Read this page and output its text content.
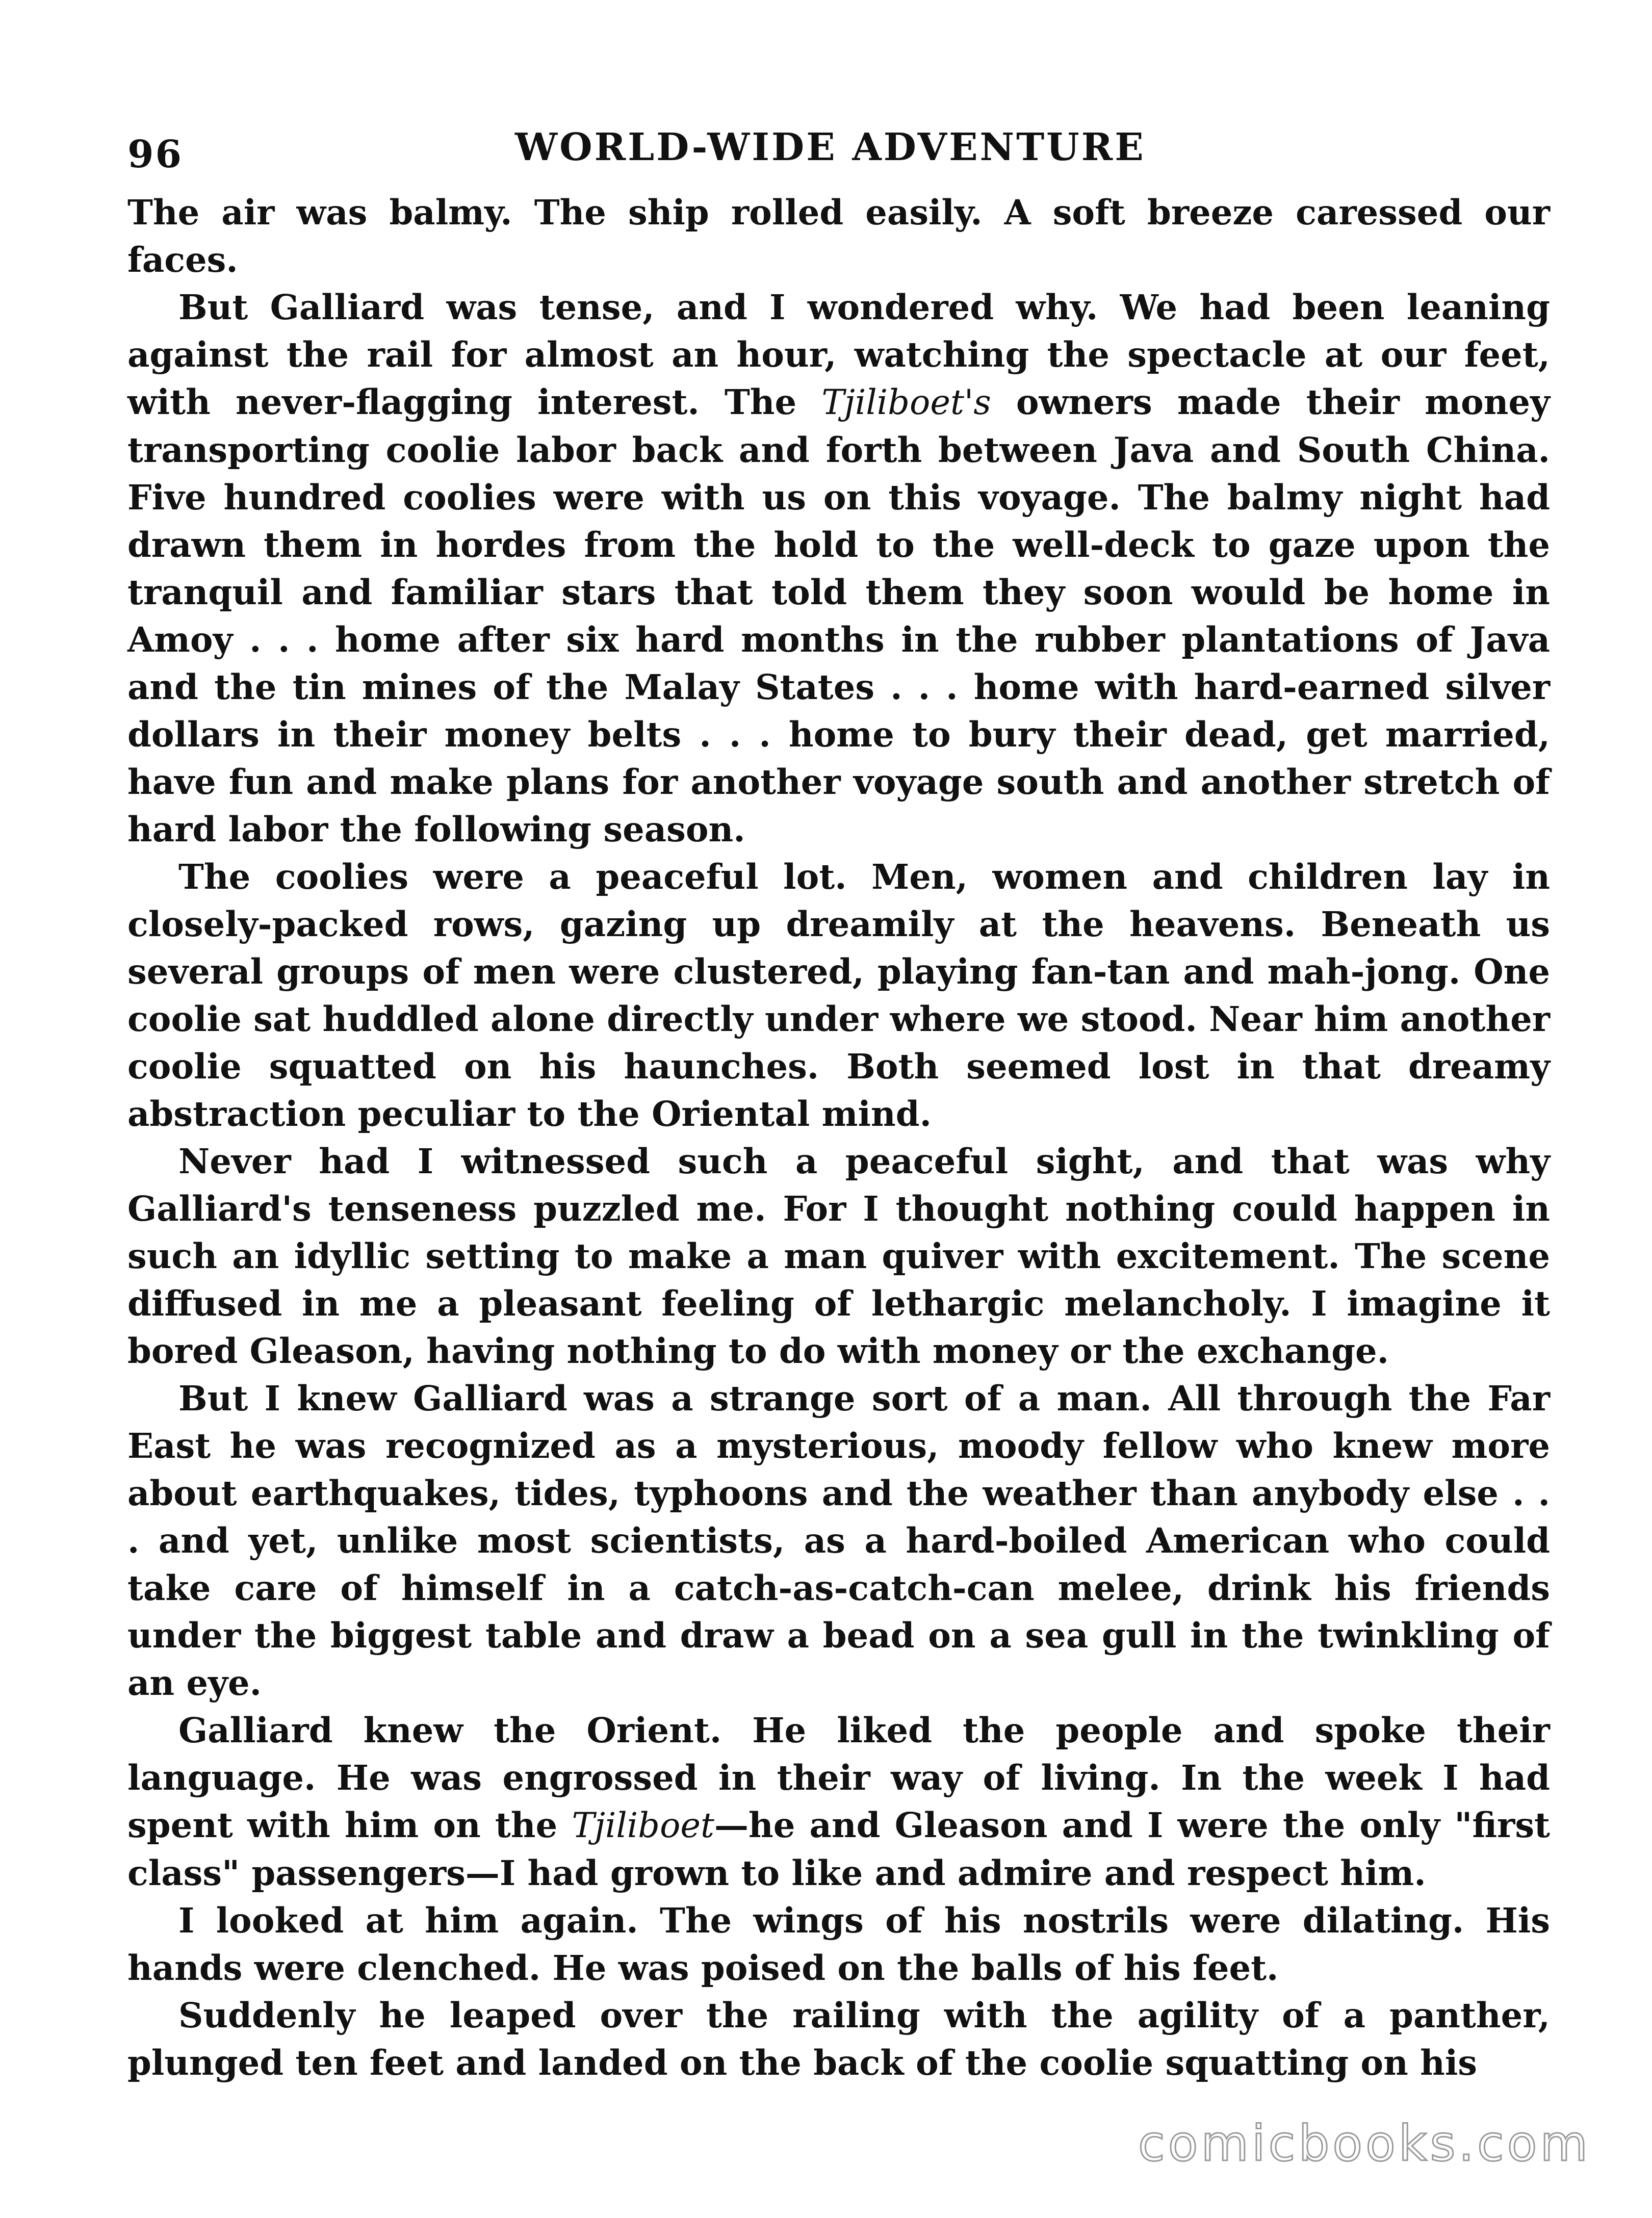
96	WORLD-WIDE ADVENTURE

The air was balmy. The ship rolled easily. A soft breeze caressed our faces.

But Galliard was tense, and I wondered why. We had been leaning against the rail for almost an hour, watching the spectacle at our feet, with never-flagging interest. The Tjiliboet's owners made their money transporting coolie labor back and forth between Java and South China. Five hundred coolies were with us on this voyage. The balmy night had drawn them in hordes from the hold to the well-deck to gaze upon the tranquil and familiar stars that told them they soon would be home in Amoy . . . home after six hard months in the rubber plantations of Java and the tin mines of the Malay States . . . home with hard-earned silver dollars in their money belts . . . home to bury their dead, get married, have fun and make plans for another voyage south and another stretch of hard labor the following season.

The coolies were a peaceful lot. Men, women and children lay in closely-packed rows, gazing up dreamily at the heavens. Beneath us several groups of men were clustered, playing fan-tan and mah-jong. One coolie sat huddled alone directly under where we stood. Near him another coolie squatted on his haunches. Both seemed lost in that dreamy abstraction peculiar to the Oriental mind.

Never had I witnessed such a peaceful sight, and that was why Galliard's tenseness puzzled me. For I thought nothing could happen in such an idyllic setting to make a man quiver with excitement. The scene diffused in me a pleasant feeling of lethargic melancholy. I imagine it bored Gleason, having nothing to do with money or the exchange.

But I knew Galliard was a strange sort of a man. All through the Far East he was recognized as a mysterious, moody fellow who knew more about earthquakes, tides, typhoons and the weather than anybody else . . . and yet, unlike most scientists, as a hard-boiled American who could take care of himself in a catch-as-catch-can melee, drink his friends under the biggest table and draw a bead on a sea gull in the twinkling of an eye.

Galliard knew the Orient. He liked the people and spoke their language. He was engrossed in their way of living. In the week I had spent with him on the Tjiliboet—he and Gleason and I were the only "first class" passengers—I had grown to like and admire and respect him.

I looked at him again. The wings of his nostrils were dilating. His hands were clenched. He was poised on the balls of his feet.

Suddenly he leaped over the railing with the agility of a panther, plunged ten feet and landed on the back of the coolie squatting on his

comicbooks.com
